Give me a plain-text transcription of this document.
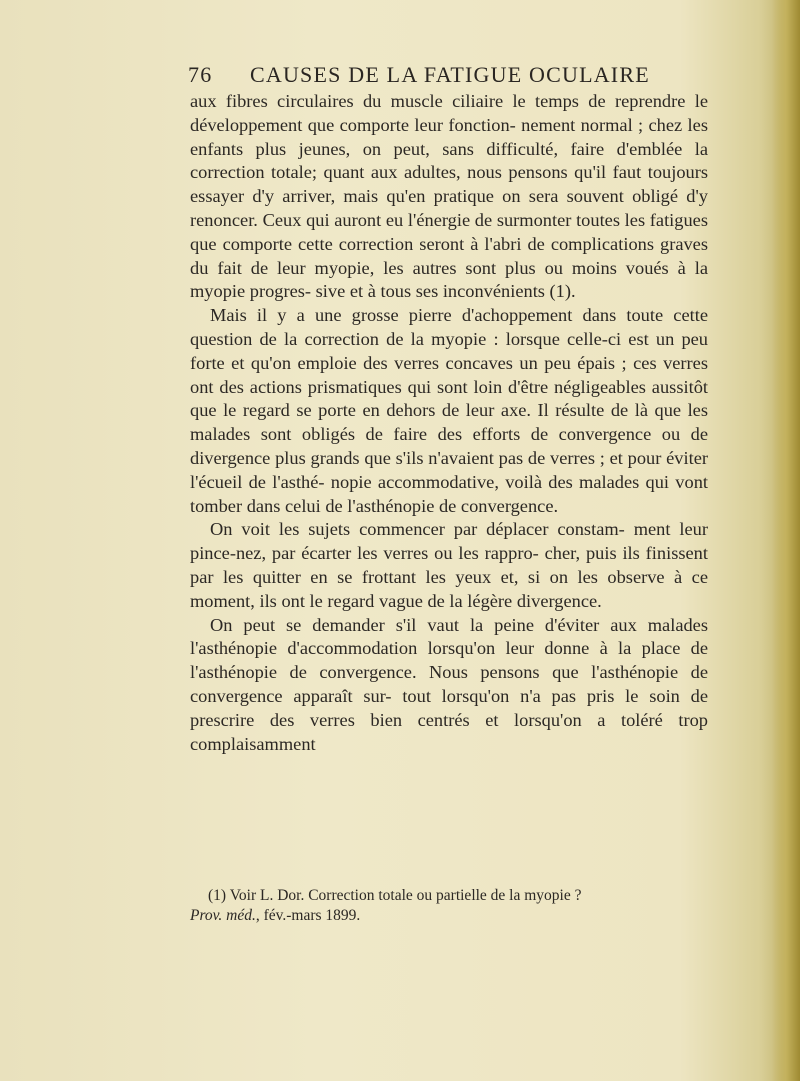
76 CAUSES DE LA FATIGUE OCULAIRE

aux fibres circulaires du muscle ciliaire le temps de reprendre le développement que comporte leur fonction- nement normal ; chez les enfants plus jeunes, on peut, sans difficulté, faire d'emblée la correction totale; quant aux adultes, nous pensons qu'il faut toujours essayer d'y arriver, mais qu'en pratique on sera souvent obligé d'y renoncer. Ceux qui auront eu l'énergie de surmonter toutes les fatigues que comporte cette correction seront à l'abri de complications graves du fait de leur myopie, les autres sont plus ou moins voués à la myopie progres- sive et à tous ses inconvénients (1).

Mais il y a une grosse pierre d'achoppement dans toute cette question de la correction de la myopie : lorsque celle-ci est un peu forte et qu'on emploie des verres concaves un peu épais ; ces verres ont des actions prismatiques qui sont loin d'être négligeables aussitôt que le regard se porte en dehors de leur axe. Il résulte de là que les malades sont obligés de faire des efforts de convergence ou de divergence plus grands que s'ils n'avaient pas de verres ; et pour éviter l'écueil de l'asthé- nopie accommodative, voilà des malades qui vont tomber dans celui de l'asthénopie de convergence.

On voit les sujets commencer par déplacer constam- ment leur pince-nez, par écarter les verres ou les rappro- cher, puis ils finissent par les quitter en se frottant les yeux et, si on les observe à ce moment, ils ont le regard vague de la légère divergence.

On peut se demander s'il vaut la peine d'éviter aux malades l'asthénopie d'accommodation lorsqu'on leur donne à la place de l'asthénopie de convergence. Nous pensons que l'asthénopie de convergence apparaît sur- tout lorsqu'on n'a pas pris le soin de prescrire des verres bien centrés et lorsqu'on a toléré trop complaisamment

(1) Voir L. Dor. Correction totale ou partielle de la myopie ?
Prov. méd., fév.-mars 1899.
